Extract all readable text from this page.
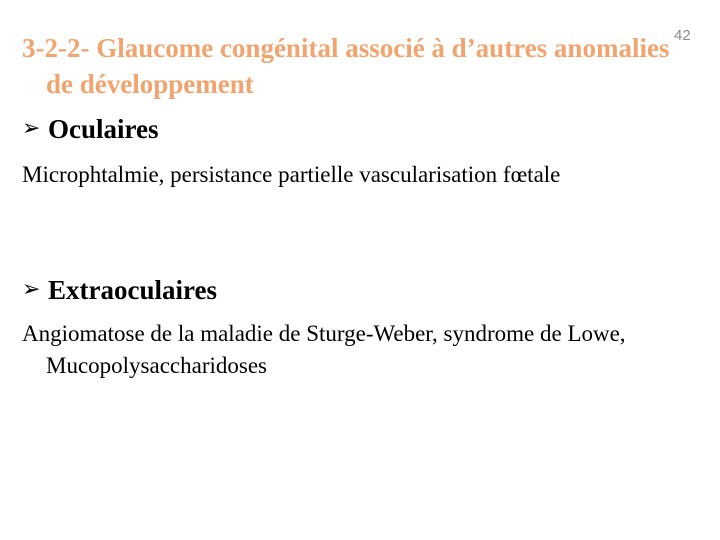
3-2-2- Glaucome congénital associé à d’autres anomalies de développement
42
➢ Oculaires
Microphtalmie, persistance partielle vascularisation fœtale
➢ Extraoculaires
Angiomatose de la maladie de Sturge-Weber, syndrome de Lowe, Mucopolysaccharidoses
